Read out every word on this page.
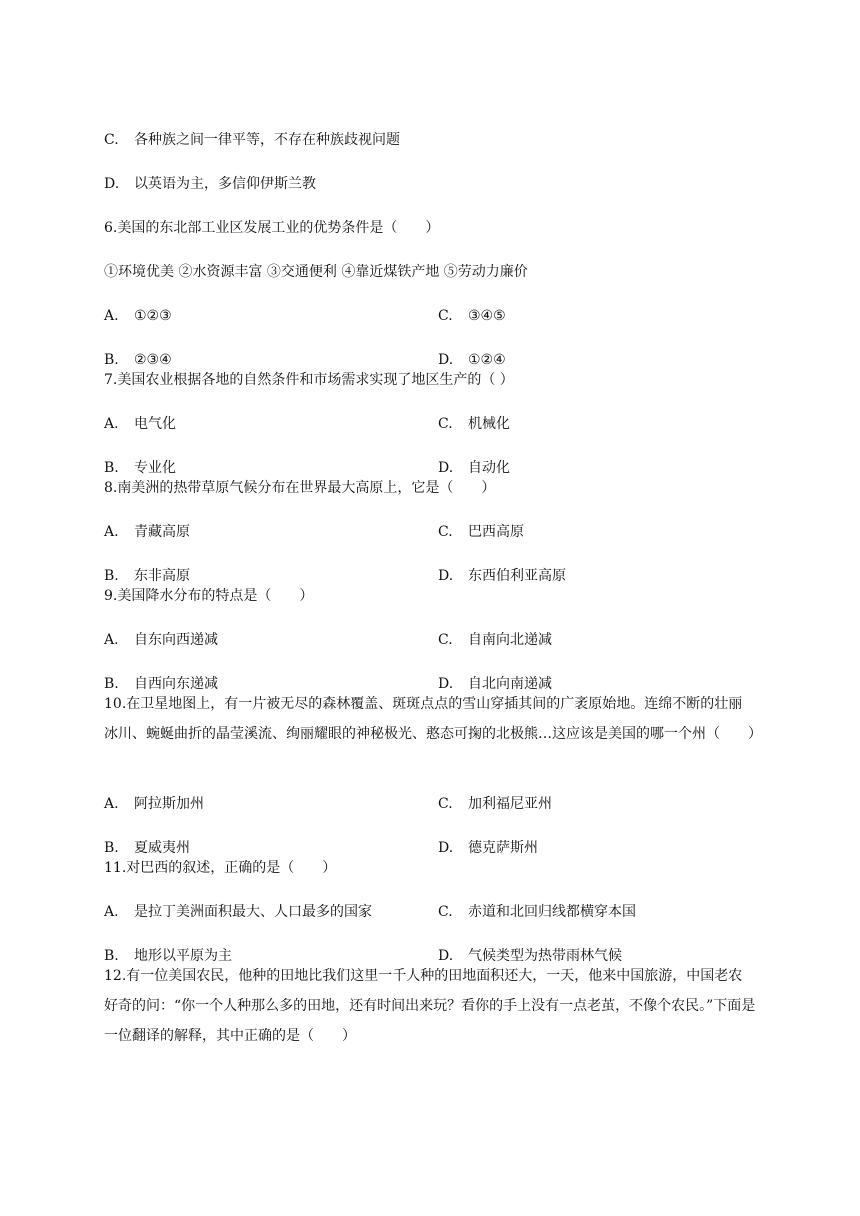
C. 各种族之间一律平等，不存在种族歧视问题
D. 以英语为主，多信仰伊斯兰教
6.美国的东北部工业区发展工业的优势条件是（　　）
①环境优美 ②水资源丰富 ③交通便利 ④靠近煤铁产地 ⑤劳动力廉价
A. ①②③	C. ③④⑤
B. ②③④	D. ①②④
7.美国农业根据各地的自然条件和市场需求实现了地区生产的（ ）
A. 电气化	C. 机械化
B. 专业化	D. 自动化
8.南美洲的热带草原气候分布在世界最大高原上，它是（　　）
A. 青藏高原	C. 巴西高原
B. 东非高原	D. 东西伯利亚高原
9.美国降水分布的特点是（　　）
A. 自东向西递减	C. 自南向北递减
B. 自西向东递减	D. 自北向南递减
10.在卫星地图上，有一片被无尽的森林覆盖、斑斑点点的雪山穿插其间的广袤原始地。连绵不断的壮丽冰川、蜿蜒曲折的晶莹溪流、绚丽耀眼的神秘极光、憨态可掬的北极熊…这应该是美国的哪一个州（　　）
A. 阿拉斯加州	C. 加利福尼亚州
B. 夏威夷州	D. 德克萨斯州
11.对巴西的叙述，正确的是（　　）
A. 是拉丁美洲面积最大、人口最多的国家	C. 赤道和北回归线都横穿本国
B. 地形以平原为主	D. 气候类型为热带雨林气候
12.有一位美国农民，他种的田地比我们这里一千人种的田地面积还大，一天，他来中国旅游，中国老农好奇的问：“你一个人种那么多的田地，还有时间出来玩？看你的手上没有一点老茧，不像个农民。”下面是一位翻译的解释，其中正确的是（　　）
